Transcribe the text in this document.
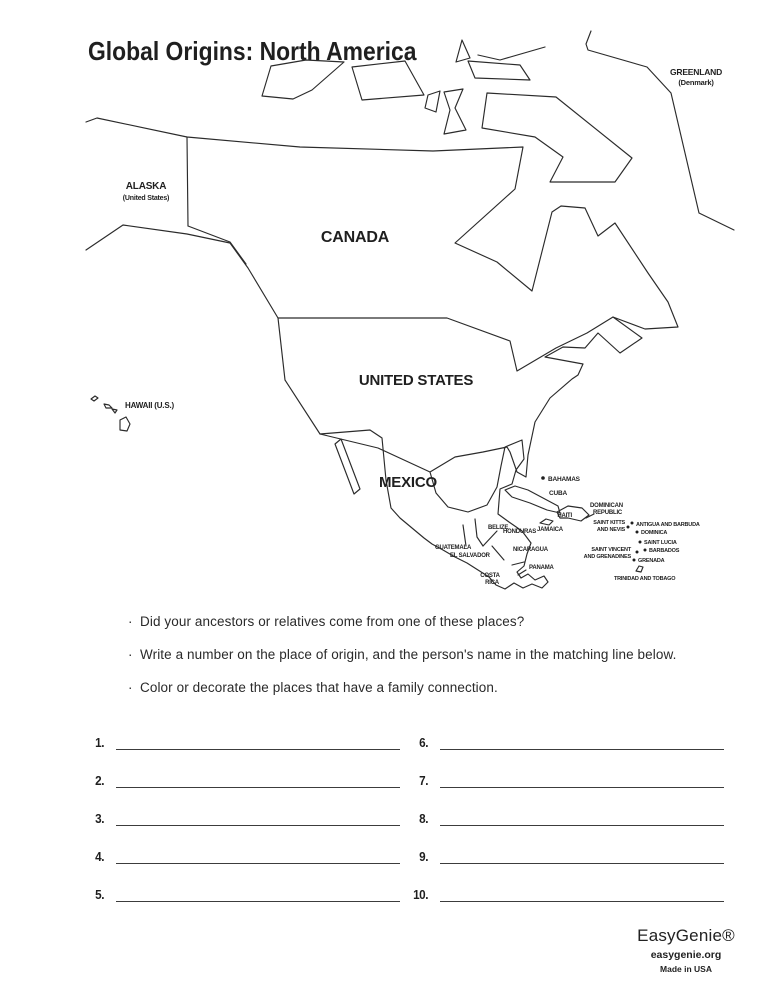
Global Origins: North America
GREENLAND
(Denmark)
ALASKA
(United States)
CANADA
UNITED STATES
MEXICO
HAWAII (U.S.)
BAHAMAS
CUBA
HAITI
DOMINICAN
REPUBLIC
JAMAICA
SAINT KITTS
AND NEVIS
ANTIGUA AND BARBUDA
DOMINICA
SAINT LUCIA
SAINT VINCENT
AND GRENADINES
BARBADOS
GRENADA
TRINIDAD AND TOBAGO
BELIZE
HONDURAS
GUATEMALA
EL SALVADOR
NICARAGUA
COSTA
RICA
PANAMA
· Did your ancestors or relatives come from one of these places?
· Write a number on the place of origin, and the person's name in the matching line below.
· Color or decorate the places that have a family connection.
1.
2.
3.
4.
5.
6.
7.
8.
9.
10.
EasyGenie®
easygenie.org
Made in USA
